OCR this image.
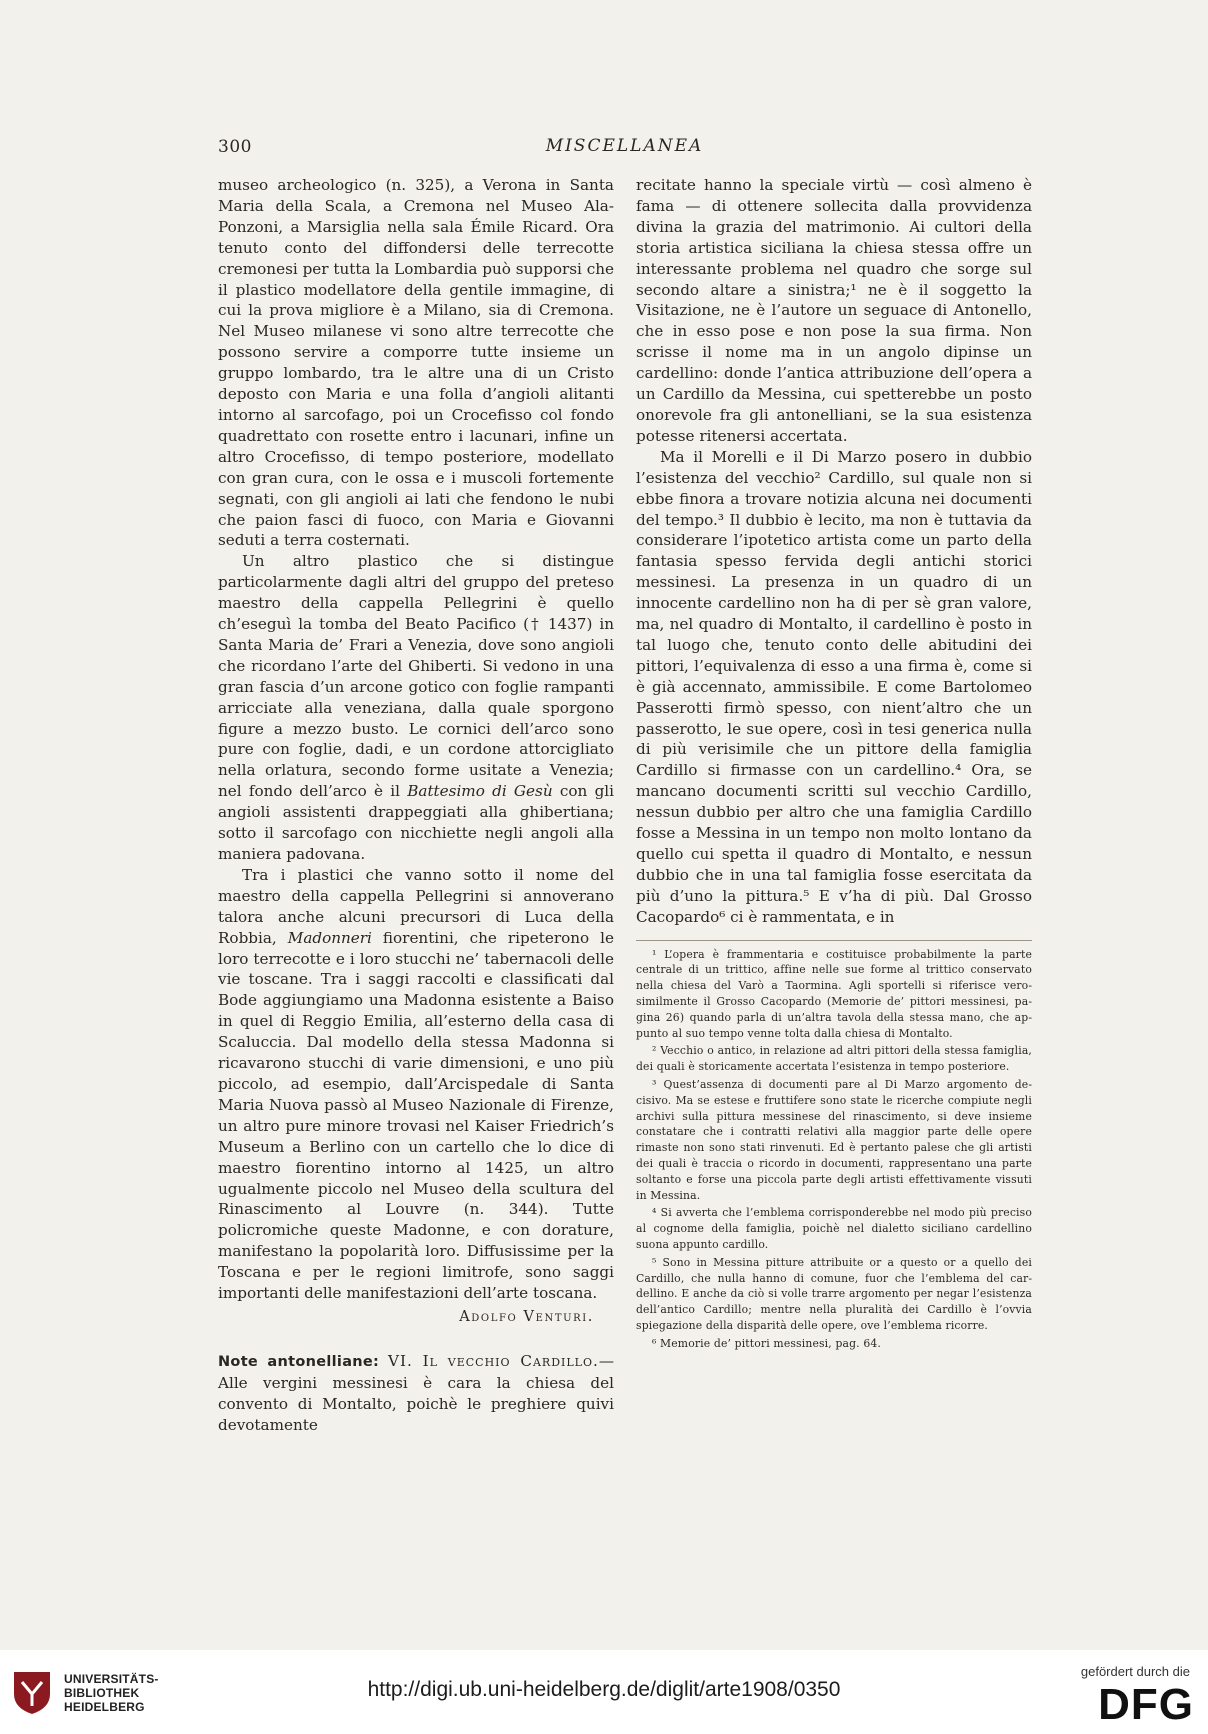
300	MISCELLANEA

museo archeologico (n. 325), a Verona in Santa Maria della Scala, a Cremona nel Museo Ala-Ponzoni, a Marsiglia nella sala Émile Ricard. Ora tenuto conto del diffondersi delle terrecotte cremonesi per tutta la Lombardia può supporsi che il plastico modellatore della gentile immagine, di cui la prova migliore è a Milano, sia di Cremona. Nel Museo milanese vi sono altre terrecotte che possono servire a comporre tutte insieme un gruppo lombardo, tra le altre una di un Cristo deposto con Maria e una folla d’angioli alitanti intorno al sarcofago, poi un Crocefisso col fondo quadrettato con rosette entro i lacunari, infine un altro Crocefisso, di tempo posteriore, modellato con gran cura, con le ossa e i muscoli fortemente segnati, con gli angioli ai lati che fendono le nubi che paion fasci di fuoco, con Maria e Giovanni seduti a terra costernati.

Un altro plastico che si distingue particolarmente dagli altri del gruppo del preteso maestro della cappella Pellegrini è quello ch’eseguì la tomba del Beato Pacifico († 1437) in Santa Maria de’ Frari a Venezia, dove sono angioli che ricordano l’arte del Ghiberti. Si vedono in una gran fascia d’un arcone gotico con foglie rampanti arricciate alla veneziana, dalla quale sporgono figure a mezzo busto. Le cornici dell’arco sono pure con foglie, dadi, e un cordone attorcigliato nella orlatura, secondo forme usitate a Venezia; nel fondo dell’arco è il Battesimo di Gesù con gli angioli assistenti drappeggiati alla ghibertiana; sotto il sarcofago con nicchiette negli angoli alla maniera padovana.

Tra i plastici che vanno sotto il nome del maestro della cappella Pellegrini si annoverano talora anche alcuni precursori di Luca della Robbia, Madonneri fiorentini, che ripeterono le loro terrecotte e i loro stucchi ne’ tabernacoli delle vie toscane. Tra i saggi raccolti e classificati dal Bode aggiungiamo una Madonna esistente a Baiso in quel di Reggio Emilia, all’esterno della casa di Scaluccia. Dal modello della stessa Madonna si ricavarono stucchi di varie dimensioni, e uno più piccolo, ad esempio, dall’Arcispedale di Santa Maria Nuova passò al Museo Nazionale di Firenze, un altro pure minore trovasi nel Kaiser Friedrich’s Museum a Berlino con un cartello che lo dice di maestro fiorentino intorno al 1425, un altro ugualmente piccolo nel Museo della scultura del Rinascimento al Louvre (n. 344). Tutte policromiche queste Madonne, e con dorature, manifestano la popolarità loro. Diffusissime per la Toscana e per le regioni limitrofe, sono saggi importanti delle manifestazioni dell’arte toscana.

Adolfo Venturi.

Note antonelliane: VI. Il vecchio Cardillo.— Alle vergini messinesi è cara la chiesa del convento di Montalto, poichè le preghiere quivi devotamente

recitate hanno la speciale virtù — così almeno è fama — di ottenere sollecita dalla provvidenza divina la grazia del matrimonio. Ai cultori della storia artistica siciliana la chiesa stessa offre un interessante problema nel quadro che sorge sul secondo altare a sinistra;¹ ne è il soggetto la Visitazione, ne è l’autore un seguace di Antonello, che in esso pose e non pose la sua firma. Non scrisse il nome ma in un angolo dipinse un cardellino: donde l’antica attribuzione dell’opera a un Cardillo da Messina, cui spetterebbe un posto onorevole fra gli antonelliani, se la sua esistenza potesse ritenersi accertata.

Ma il Morelli e il Di Marzo posero in dubbio l’esistenza del vecchio² Cardillo, sul quale non si ebbe finora a trovare notizia alcuna nei documenti del tempo.³ Il dubbio è lecito, ma non è tuttavia da considerare l’ipotetico artista come un parto della fantasia spesso fervida degli antichi storici messinesi. La presenza in un quadro di un innocente cardellino non ha di per sè gran valore, ma, nel quadro di Montalto, il cardellino è posto in tal luogo che, tenuto conto delle abitudini dei pittori, l’equivalenza di esso a una firma è, come si è già accennato, ammissibile. E come Bartolomeo Passerotti firmò spesso, con nient’altro che un passerotto, le sue opere, così in tesi generica nulla di più verisimile che un pittore della famiglia Cardillo si firmasse con un cardellino.⁴ Ora, se mancano documenti scritti sul vecchio Cardillo, nessun dubbio per altro che una famiglia Cardillo fosse a Messina in un tempo non molto lontano da quello cui spetta il quadro di Montalto, e nessun dubbio che in una tal famiglia fosse esercitata da più d’uno la pittura.⁵ E v’ha di più. Dal Grosso Cacopardo⁶ ci è rammentata, e in

¹ L’opera è frammentaria e costituisce probabilmente la parte centrale di un trittico, affine nelle sue forme al trittico conservato nella chiesa del Varò a Taormina. Agli sportelli si riferisce verosimilmente il Grosso Cacopardo (Memorie de’ pittori messinesi, pagina 26) quando parla di un’altra tavola della stessa mano, che appunto al suo tempo venne tolta dalla chiesa di Montalto.

² Vecchio o antico, in relazione ad altri pittori della stessa famiglia, dei quali è storicamente accertata l’esistenza in tempo posteriore.

³ Quest’assenza di documenti pare al Di Marzo argomento decisivo. Ma se estese e fruttifere sono state le ricerche compiute negli archivi sulla pittura messinese del rinascimento, si deve insieme constatare che i contratti relativi alla maggior parte delle opere rimaste non sono stati rinvenuti. Ed è pertanto palese che gli artisti dei quali è traccia o ricordo in documenti, rappresentano una parte soltanto e forse una piccola parte degli artisti effettivamente vissuti in Messina.

⁴ Si avverta che l’emblema corrisponderebbe nel modo più preciso al cognome della famiglia, poichè nel dialetto siciliano cardellino suona appunto cardillo.

⁵ Sono in Messina pitture attribuite or a questo or a quello dei Cardillo, che nulla hanno di comune, fuor che l’emblema del cardellino. E anche da ciò si volle trarre argomento per negar l’esistenza dell’antico Cardillo; mentre nella pluralità dei Cardillo è l’ovvia spiegazione della disparità delle opere, ove l’emblema ricorre.

⁶ Memorie de’ pittori messinesi, pag. 64.

UNIVERSITÄTS-
BIBLIOTHEK
HEIDELBERG
http://digi.ub.uni-heidelberg.de/diglit/arte1908/0350
gefördert durch die
DFG
